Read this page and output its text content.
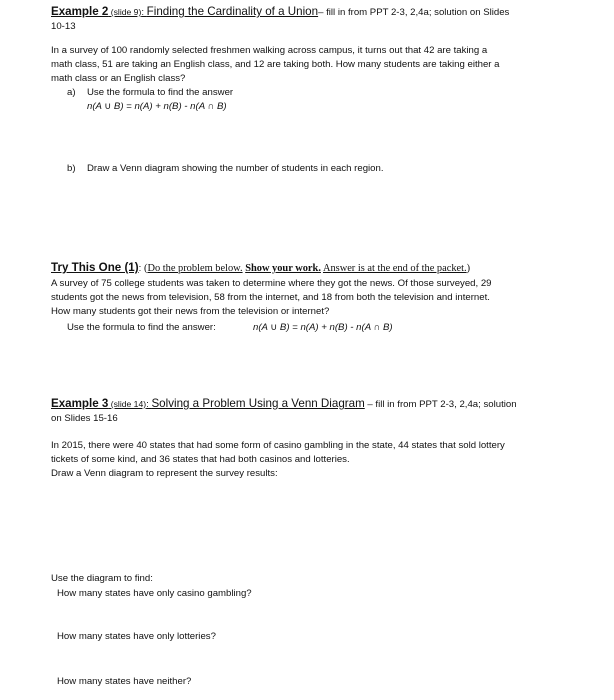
Example 2 (slide 9): Finding the Cardinality of a Union– fill in from PPT 2-3, 2,4a; solution on Slides
10-13
In a survey of 100 randomly selected freshmen walking across campus, it turns out that 42 are taking a
math class, 51 are taking an English class, and 12 are taking both. How many students are taking either a
math class or an English class?
a) Use the formula to find the answer
n(A ∪ B) = n(A) + n(B) - n(A ∩ B)
b) Draw a Venn diagram showing the number of students in each region.
Try This One (1): (Do the problem below. Show your work. Answer is at the end of the packet.)
A survey of 75 college students was taken to determine where they got the news. Of those surveyed, 29
students got the news from television, 58 from the internet, and 18 from both the television and internet.
How many students got their news from the television or internet?
Use the formula to find the answer:	n(A ∪ B) = n(A) + n(B) - n(A ∩ B)
Example 3 (slide 14): Solving a Problem Using a Venn Diagram – fill in from PPT 2-3, 2,4a; solution
on Slides 15-16
In 2015, there were 40 states that had some form of casino gambling in the state, 44 states that sold lottery
tickets of some kind, and 36 states that had both casinos and lotteries.
Draw a Venn diagram to represent the survey results:
Use the diagram to find:
How many states have only casino gambling?
How many states have only lotteries?
How many states have neither?
